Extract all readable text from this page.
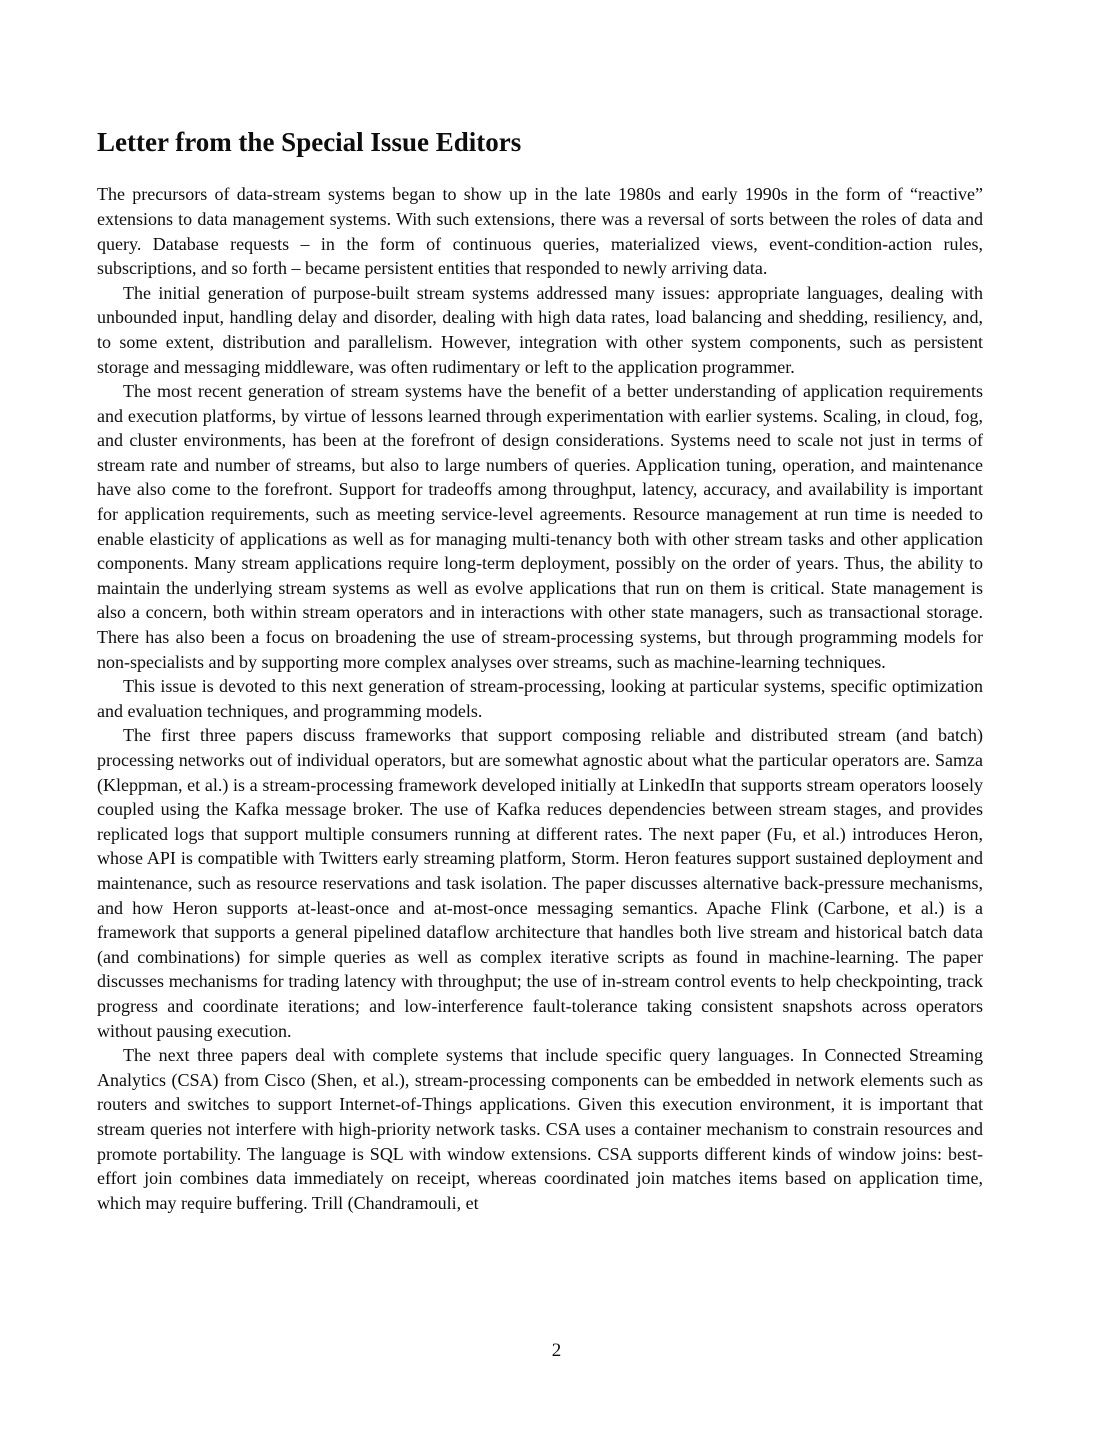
Letter from the Special Issue Editors

The precursors of data-stream systems began to show up in the late 1980s and early 1990s in the form of “reactive” extensions to data management systems. With such extensions, there was a reversal of sorts between the roles of data and query. Database requests – in the form of continuous queries, materialized views, event-condition-action rules, subscriptions, and so forth – became persistent entities that responded to newly arriving data.

The initial generation of purpose-built stream systems addressed many issues: appropriate languages, dealing with unbounded input, handling delay and disorder, dealing with high data rates, load balancing and shedding, resiliency, and, to some extent, distribution and parallelism. However, integration with other system components, such as persistent storage and messaging middleware, was often rudimentary or left to the application programmer.

The most recent generation of stream systems have the benefit of a better understanding of application requirements and execution platforms, by virtue of lessons learned through experimentation with earlier systems. Scaling, in cloud, fog, and cluster environments, has been at the forefront of design considerations. Systems need to scale not just in terms of stream rate and number of streams, but also to large numbers of queries. Application tuning, operation, and maintenance have also come to the forefront. Support for tradeoffs among throughput, latency, accuracy, and availability is important for application requirements, such as meeting service-level agreements. Resource management at run time is needed to enable elasticity of applications as well as for managing multi-tenancy both with other stream tasks and other application components. Many stream applications require long-term deployment, possibly on the order of years. Thus, the ability to maintain the underlying stream systems as well as evolve applications that run on them is critical. State management is also a concern, both within stream operators and in interactions with other state managers, such as transactional storage. There has also been a focus on broadening the use of stream-processing systems, but through programming models for non-specialists and by supporting more complex analyses over streams, such as machine-learning techniques.

This issue is devoted to this next generation of stream-processing, looking at particular systems, specific optimization and evaluation techniques, and programming models.

The first three papers discuss frameworks that support composing reliable and distributed stream (and batch) processing networks out of individual operators, but are somewhat agnostic about what the particular operators are. Samza (Kleppman, et al.) is a stream-processing framework developed initially at LinkedIn that supports stream operators loosely coupled using the Kafka message broker. The use of Kafka reduces dependencies between stream stages, and provides replicated logs that support multiple consumers running at different rates. The next paper (Fu, et al.) introduces Heron, whose API is compatible with Twitters early streaming platform, Storm. Heron features support sustained deployment and maintenance, such as resource reservations and task isolation. The paper discusses alternative back-pressure mechanisms, and how Heron supports at-least-once and at-most-once messaging semantics. Apache Flink (Carbone, et al.) is a framework that supports a general pipelined dataflow architecture that handles both live stream and historical batch data (and combinations) for simple queries as well as complex iterative scripts as found in machine-learning. The paper discusses mechanisms for trading latency with throughput; the use of in-stream control events to help checkpointing, track progress and coordinate iterations; and low-interference fault-tolerance taking consistent snapshots across operators without pausing execution.

The next three papers deal with complete systems that include specific query languages. In Connected Streaming Analytics (CSA) from Cisco (Shen, et al.), stream-processing components can be embedded in network elements such as routers and switches to support Internet-of-Things applications. Given this execution environment, it is important that stream queries not interfere with high-priority network tasks. CSA uses a container mechanism to constrain resources and promote portability. The language is SQL with window extensions. CSA supports different kinds of window joins: best-effort join combines data immediately on receipt, whereas coordinated join matches items based on application time, which may require buffering. Trill (Chandramouli, et

2
